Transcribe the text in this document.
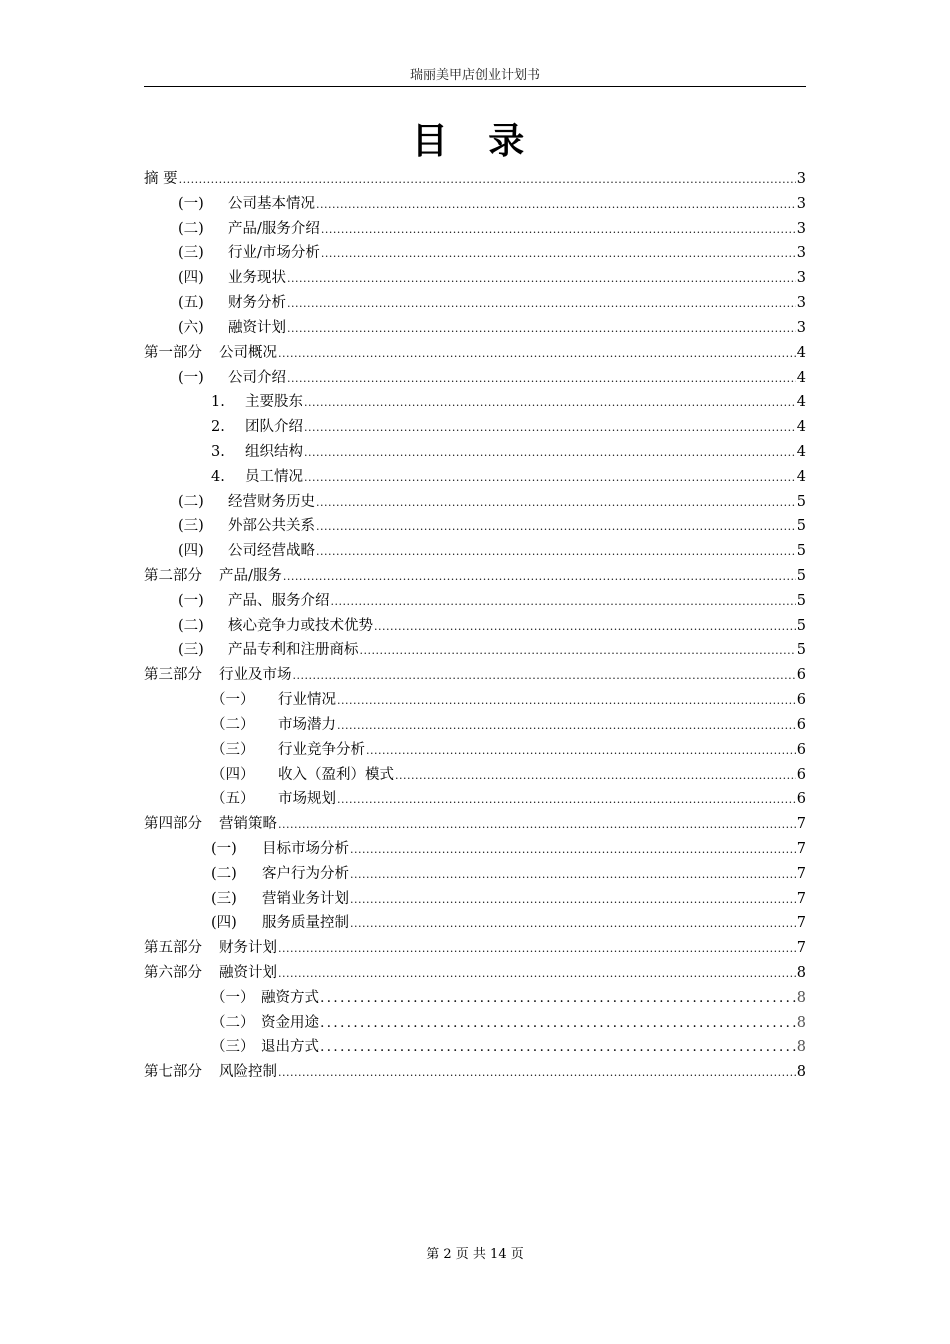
瑞丽美甲店创业计划书
目 录
摘 要 .....	3
(一)	公司基本情况 .....	3
(二)	产品/服务介绍 .....	3
(三)	行业/市场分析 .....	3
(四)	业务现状 .....	3
(五)	财务分析 .....	3
(六)	融资计划 .....	3
第一部分	公司概况 .....	4
(一)	公司介绍 .....	4
1.	主要股东 .....	4
2.	团队介绍 .....	4
3.	组织结构 .....	4
4.	员工情况 .....	4
(二)	经营财务历史 .....	5
(三)	外部公共关系 .....	5
(四)	公司经营战略 .....	5
第二部分	产品/服务 .....	5
(一)	产品、服务介绍 .....	5
(二)	核心竞争力或技术优势 .....	5
(三)	产品专利和注册商标 .....	5
第三部分	行业及市场 .....	6
（一）	行业情况 .....	6
（二）	市场潜力 .....	6
（三）	行业竞争分析 .....	6
（四）	收入（盈利）模式 .....	6
（五）	市场规划 .....	6
第四部分	营销策略 .....	7
(一)	目标市场分析 .....	7
(二)	客户行为分析 .....	7
(三)	营销业务计划 .....	7
(四)	服务质量控制 .....	7
第五部分	财务计划 .....	7
第六部分	融资计划 .....	8
（一） 融资方式 .....	8
（二） 资金用途 .....	8
（三） 退出方式 .....	8
第七部分	风险控制 .....	8
第 2 页 共 14 页
